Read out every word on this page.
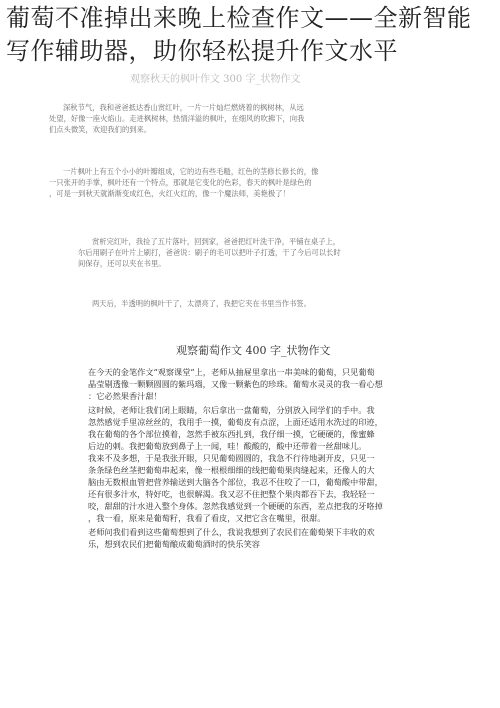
葡萄不准掉出来晚上检查作文——全新智能
写作辅助器，助你轻松提升作文水平
观察秋天的枫叶作文 300 字_状物作文

深秋节气，我和爸爸抵达香山赏红叶，一片一片灿烂燃烧着的枫树林，从远
处望，好像一座火焰山。走进枫树林，热情洋溢的枫叶，在细风的吹拂下，向我
们点头微笑，欢迎我们的到来。

一片枫叶上有五个小小的叶瓣组成，它的边有些毛糙，红色的茎修长修长的，像
一只张开的手掌，枫叶还有一个特点，那就是它变化的色彩，春天的枫叶是绿色的
，可是一到秋天就渐渐变成红色，火红火红的，像一个魔法师，美艳极了！

赏析完红叶，我捡了五片落叶，回到家，爸爸把红叶洗干净，平铺在桌子上，
尔后用刷子在叶片上刷打，爸爸说：刷子的毛可以把叶子打透，干了今后可以长时
间保存，还可以夹在书里。

两天后，半透明的枫叶干了，太漂亮了，我把它夹在书里当作书签。

观察葡萄作文 400 字_状物作文

在今天的金笔作文“观察课堂”上，老师从抽屉里拿出一串美味的葡萄，只见葡萄
晶莹剔透像一颗颗圆圆的紫玛瑙，又像一颗紫色的珍珠。葡萄水灵灵的我一看心想
：它必然果香汁甜！

这时候，老师让我们闭上眼睛，尔后拿出一盘葡萄，分别放入同学们的手中。我
忽然感觉手里凉丝丝的，我用手一摸，葡萄皮有点涩，上面还适用水洗过的印迹，
我在葡萄的各个部位摸着，忽然手被东西扎到，我仔细一摸，它硬硬的，像蜜蜂
后边的刺。我把葡萄放到鼻子上一闻，哇！酸酸的，酸中还带着一丝甜味儿。
我来不及多想，于是我张开眼，只见葡萄圆圆的，我急不行待地剥开皮，只见一
条条绿色丝茎把葡萄串起来，像一根根细细的线把葡萄果肉缝起来，还像人的大
脑由无数根血管把营养输送到大脑各个部位，我忍不住咬了一口，葡萄酸中带甜，
还有很多汁水，特好吃，也很解渴。我又忍不住把整个果肉都吞下去，我轻轻一
咬，甜甜的汁水进入整个身体。忽然我感觉到一个硬硬的东西，差点把我的牙咯掉
，我一看，原来是葡萄籽，我看了看皮，又把它含在嘴里，很甜。

老师问我们看到这些葡萄想到了什么，我说我想到了农民们在葡萄架下丰收的欢
乐，想到农民们把葡萄酿成葡萄酒时的快乐笑容
